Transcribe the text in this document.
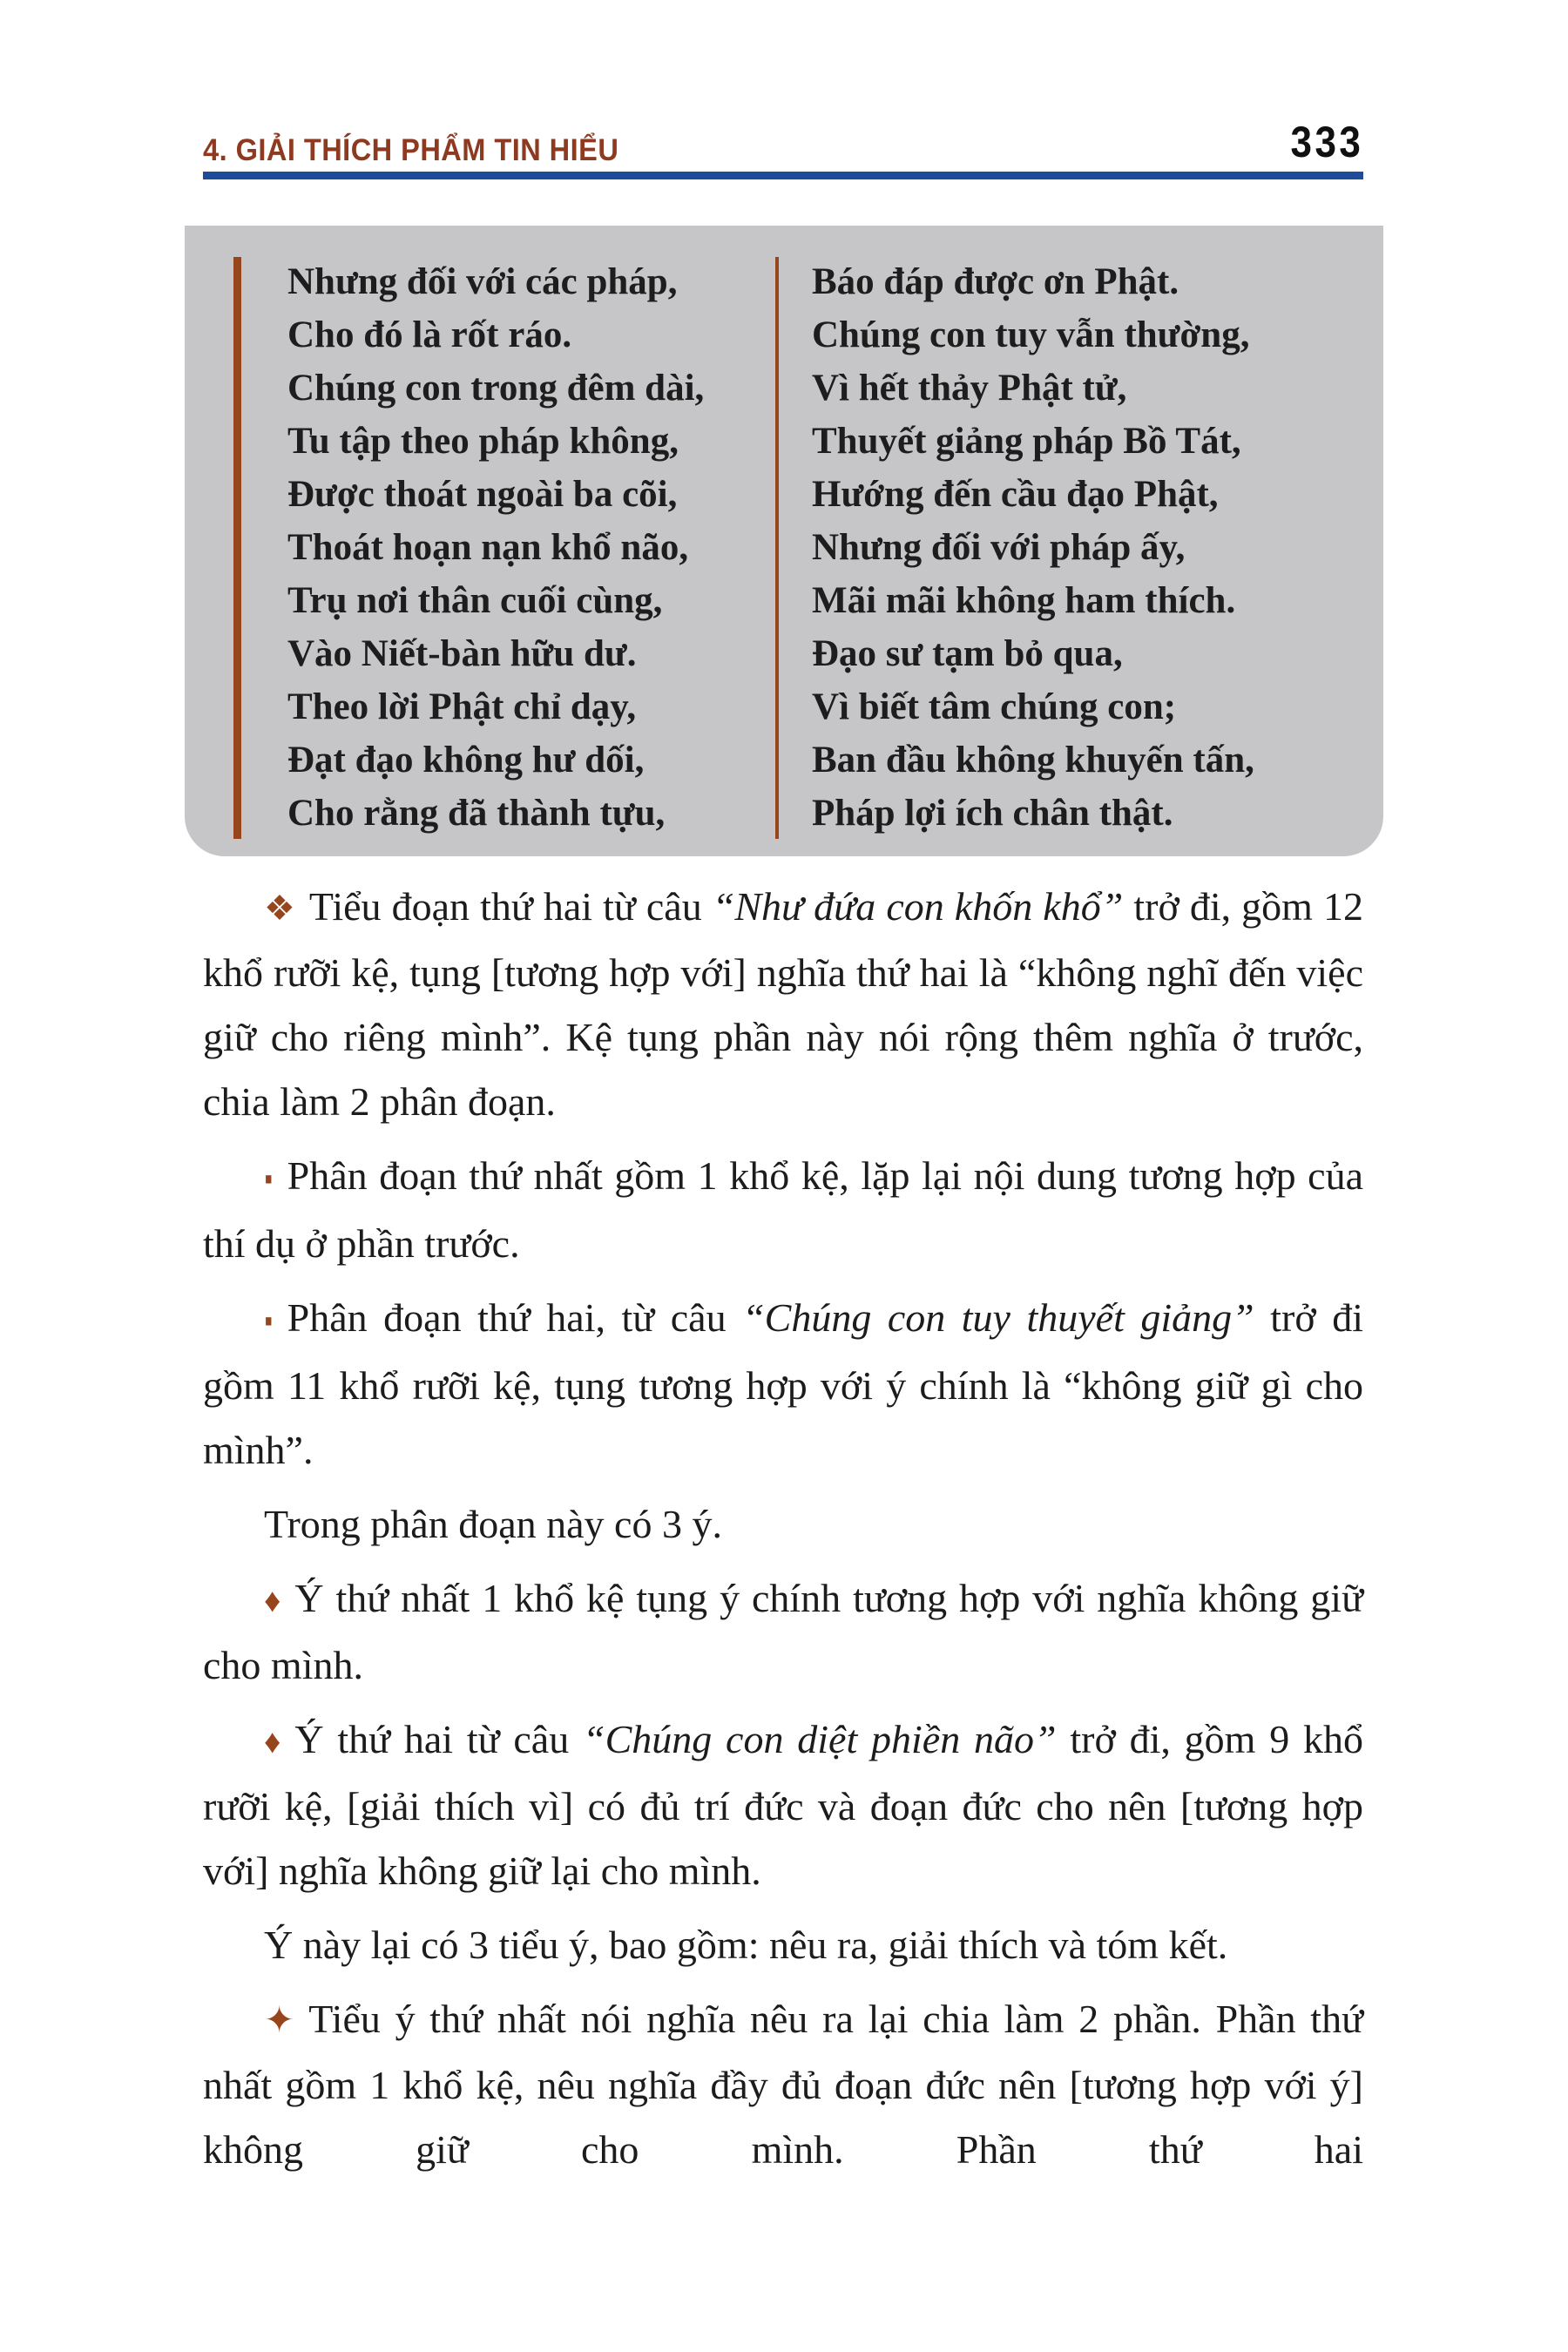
4. GIẢI THÍCH PHẨM TIN HIỂU	333
Nhưng đối với các pháp,
Cho đó là rốt ráo.
Chúng con trong đêm dài,
Tu tập theo pháp không,
Được thoát ngoài ba cõi,
Thoát hoạn nạn khổ não,
Trụ nơi thân cuối cùng,
Vào Niết-bàn hữu dư.
Theo lời Phật chỉ dạy,
Đạt đạo không hư dối,
Cho rằng đã thành tựu,
Báo đáp được ơn Phật.
Chúng con tuy vẫn thường,
Vì hết thảy Phật tử,
Thuyết giảng pháp Bồ Tát,
Hướng đến cầu đạo Phật,
Nhưng đối với pháp ấy,
Mãi mãi không ham thích.
Đạo sư tạm bỏ qua,
Vì biết tâm chúng con;
Ban đầu không khuyến tấn,
Pháp lợi ích chân thật.

❖ Tiểu đoạn thứ hai từ câu “Như đứa con khốn khổ” trở đi, gồm 12 khổ rưỡi kệ, tụng [tương hợp với] nghĩa thứ hai là “không nghĩ đến việc giữ cho riêng mình”. Kệ tụng phần này nói rộng thêm nghĩa ở trước, chia làm 2 phân đoạn.

▪ Phân đoạn thứ nhất gồm 1 khổ kệ, lặp lại nội dung tương hợp của thí dụ ở phần trước.

▪ Phân đoạn thứ hai, từ câu “Chúng con tuy thuyết giảng” trở đi gồm 11 khổ rưỡi kệ, tụng tương hợp với ý chính là “không giữ gì cho mình”.

Trong phân đoạn này có 3 ý.

♦ Ý thứ nhất 1 khổ kệ tụng ý chính tương hợp với nghĩa không giữ cho mình.

♦ Ý thứ hai từ câu “Chúng con diệt phiền não” trở đi, gồm 9 khổ rưỡi kệ, [giải thích vì] có đủ trí đức và đoạn đức cho nên [tương hợp với] nghĩa không giữ lại cho mình.

Ý này lại có 3 tiểu ý, bao gồm: nêu ra, giải thích và tóm kết.

✦ Tiểu ý thứ nhất nói nghĩa nêu ra lại chia làm 2 phần. Phần thứ nhất gồm 1 khổ kệ, nêu nghĩa đầy đủ đoạn đức nên [tương hợp với ý] không giữ cho mình. Phần thứ hai
